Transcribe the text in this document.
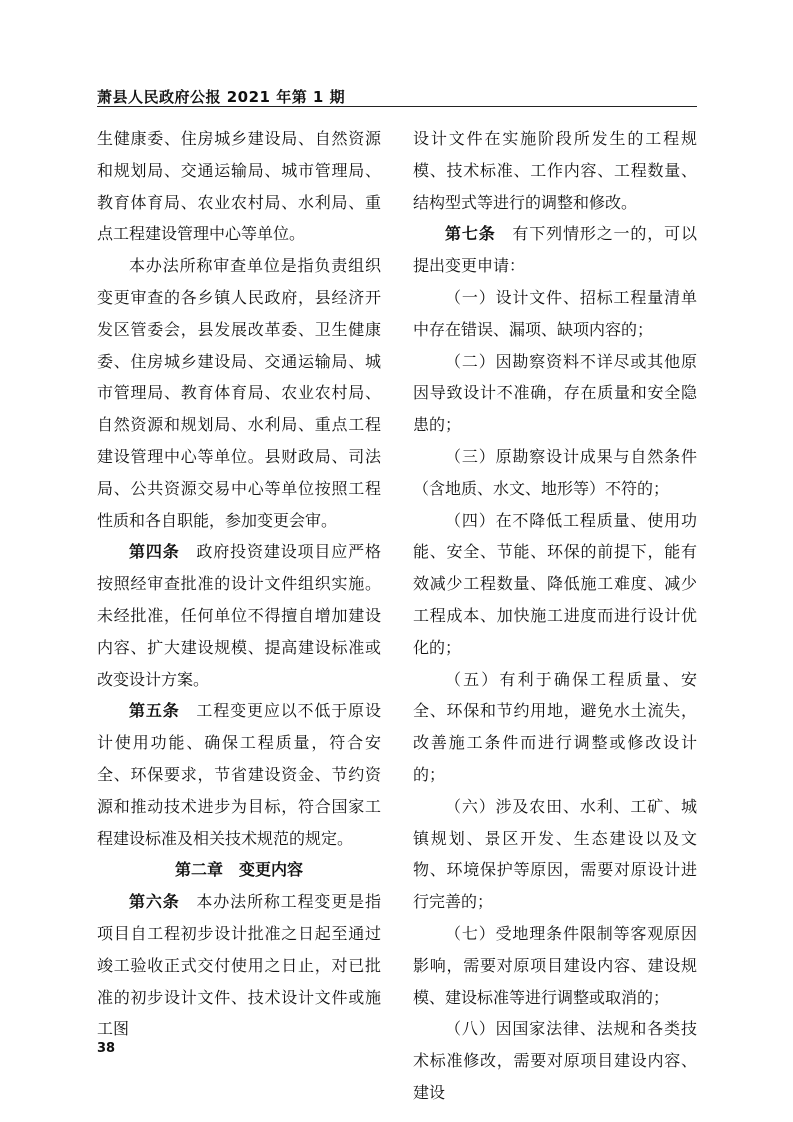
萧县人民政府公报 2021 年第 1 期

生健康委、住房城乡建设局、自然资源和规划局、交通运输局、城市管理局、教育体育局、农业农村局、水利局、重点工程建设管理中心等单位。

本办法所称审查单位是指负责组织变更审查的各乡镇人民政府，县经济开发区管委会，县发展改革委、卫生健康委、住房城乡建设局、交通运输局、城市管理局、教育体育局、农业农村局、自然资源和规划局、水利局、重点工程建设管理中心等单位。县财政局、司法局、公共资源交易中心等单位按照工程性质和各自职能，参加变更会审。

第四条　 政府投资建设项目应严格按照经审查批准的设计文件组织实施。未经批准，任何单位不得擅自增加建设内容、扩大建设规模、提高建设标准或改变设计方案。

第五条　 工程变更应以不低于原设计使用功能、确保工程质量，符合安全、环保要求，节省建设资金、节约资源和推动技术进步为目标，符合国家工程建设标准及相关技术规范的规定。

第二章　变更内容

第六条　 本办法所称工程变更是指项目自工程初步设计批准之日起至通过竣工验收正式交付使用之日止，对已批准的初步设计文件、技术设计文件或施工图

设计文件在实施阶段所发生的工程规模、技术标准、工作内容、工程数量、结构型式等进行的调整和修改。

第七条　 有下列情形之一的，可以提出变更申请：

（一）设计文件、招标工程量清单中存在错误、漏项、缺项内容的；

（二）因勘察资料不详尽或其他原因导致设计不准确，存在质量和安全隐患的；

（三）原勘察设计成果与自然条件（含地质、水文、地形等）不符的；

（四）在不降低工程质量、使用功能、安全、节能、环保的前提下，能有效减少工程数量、降低施工难度、减少工程成本、加快施工进度而进行设计优化的；

（五）有利于确保工程质量、安全、环保和节约用地，避免水土流失，改善施工条件而进行调整或修改设计的；

（六）涉及农田、水利、工矿、城镇规划、景区开发、生态建设以及文物、环境保护等原因，需要对原设计进行完善的；

（七）受地理条件限制等客观原因影响，需要对原项目建设内容、建设规模、建设标准等进行调整或取消的；

（八）因国家法律、法规和各类技术标准修改，需要对原项目建设内容、建设

38
